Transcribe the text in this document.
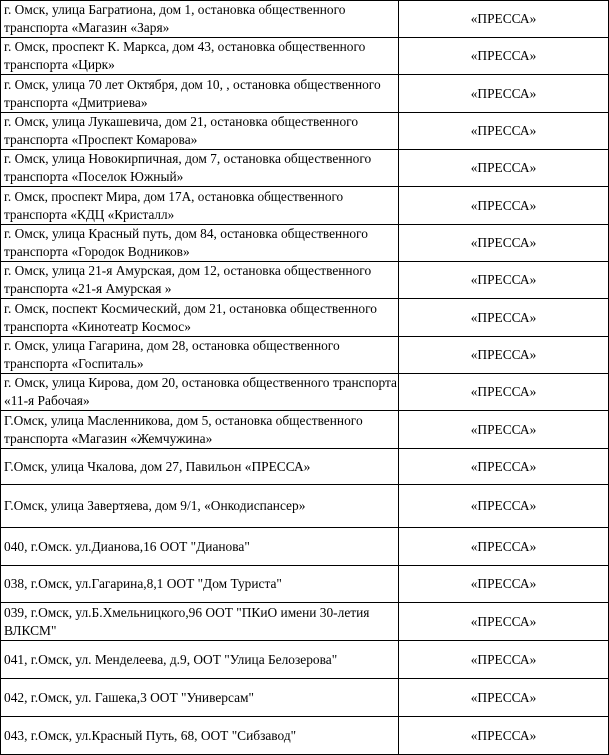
г. Омск, улица Багратиона, дом 1, остановка общественного транспорта «Магазин «Заря»	«ПРЕССА»
г. Омск, проспект К. Маркса, дом 43, остановка общественного транспорта «Цирк»	«ПРЕССА»
г. Омск, улица 70 лет Октября, дом 10, , остановка общественного транспорта «Дмитриева»	«ПРЕССА»
г. Омск, улица Лукашевича, дом 21, остановка общественного транспорта «Проспект Комарова»	«ПРЕССА»
г. Омск, улица Новокирпичная, дом 7, остановка общественного транспорта «Поселок Южный»	«ПРЕССА»
г. Омск, проспект Мира, дом 17А, остановка общественного транспорта «КДЦ «Кристалл»	«ПРЕССА»
г. Омск, улица Красный путь, дом 84, остановка общественного транспорта «Городок Водников»	«ПРЕССА»
г. Омск, улица 21-я Амурская, дом 12, остановка общественного транспорта «21-я Амурская »	«ПРЕССА»
г. Омск, поспект Космический, дом 21, остановка общественного транспорта «Кинотеатр Космос»	«ПРЕССА»
г. Омск, улица Гагарина, дом 28, остановка общественного транспорта «Госпиталь»	«ПРЕССА»
г. Омск, улица Кирова, дом 20, остановка общественного транспорта «11-я Рабочая»	«ПРЕССА»
Г.Омск, улица Масленникова, дом 5, остановка общественного транспорта «Магазин «Жемчужина»	«ПРЕССА»
Г.Омск, улица Чкалова, дом 27, Павильон «ПРЕССА»	«ПРЕССА»
Г.Омск, улица Завертяева, дом 9/1, «Онкодиспансер»	«ПРЕССА»
040, г.Омск. ул.Дианова,16 ООТ "Дианова"	«ПРЕССА»
038, г.Омск, ул.Гагарина,8,1 ООТ "Дом Туриста"	«ПРЕССА»
039, г.Омск, ул.Б.Хмельницкого,96 ООТ "ПКиО имени 30-летия ВЛКСМ"	«ПРЕССА»
041, г.Омск, ул. Менделеева, д.9, ООТ "Улица Белозерова"	«ПРЕССА»
042, г.Омск, ул. Гашека,3 ООТ "Универсам"	«ПРЕССА»
043, г.Омск, ул.Красный Путь, 68, ООТ "Сибзавод"	«ПРЕССА»
